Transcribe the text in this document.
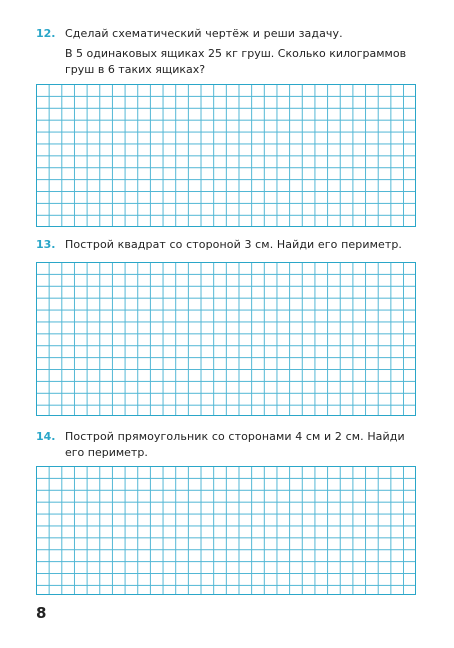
12. Сделай схематический чертёж и реши задачу.
В 5 одинаковых ящиках 25 кг груш. Сколько килограммов
груш в 6 таких ящиках?
13. Построй квадрат со стороной 3 см. Найди его периметр.
14. Построй прямоугольник со сторонами 4 см и 2 см. Найди
его периметр.
8
